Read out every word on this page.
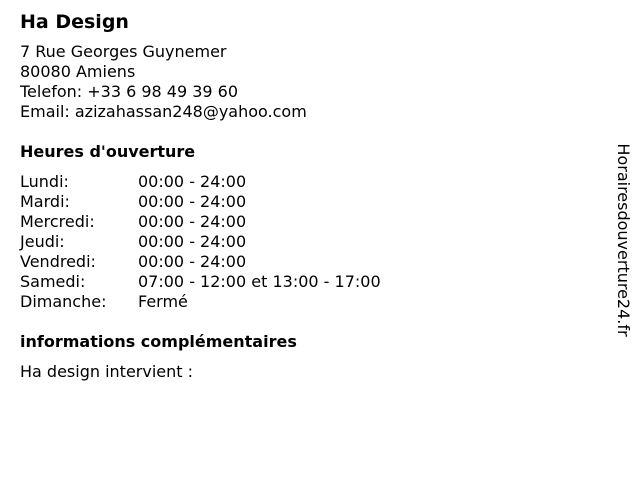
Ha Design
7 Rue Georges Guynemer
80080 Amiens
Telefon: +33 6 98 49 39 60
Email: azizahassan248@yahoo.com
Heures d'ouverture
Lundi:	00:00 - 24:00
Mardi:	00:00 - 24:00
Mercredi:	00:00 - 24:00
Jeudi:	00:00 - 24:00
Vendredi:	00:00 - 24:00
Samedi:	07:00 - 12:00 et 13:00 - 17:00
Dimanche:	Fermé
informations complémentaires
Ha design intervient :
Horairesdouverture24.fr
